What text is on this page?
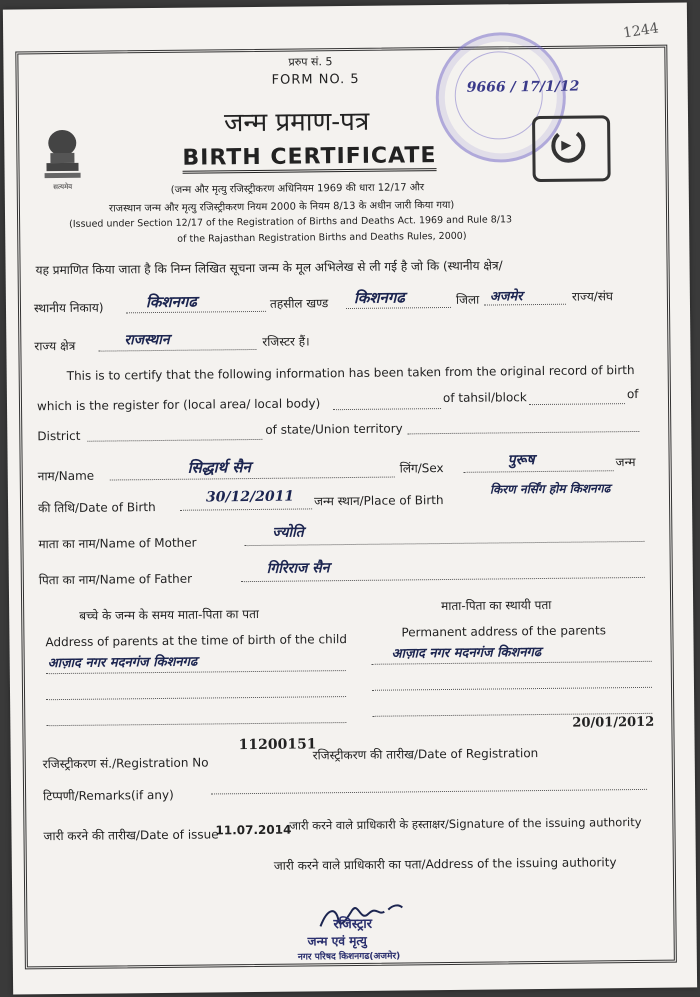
1244
9666 / 17/1/12
सत्यमेव
प्ररुप सं. 5
FORM NO. 5
जन्म प्रमाण-पत्र
BIRTH CERTIFICATE
(जन्म और मृत्यु रजिस्ट्रीकरण अधिनियम 1969 की धारा 12/17 और
राजस्थान जन्म और मृत्यु रजिस्ट्रीकरण नियम 2000 के नियम 8/13 के अधीन जारी किया गया)
(Issued under Section 12/17 of the Registration of Births and Deaths Act. 1969 and Rule 8/13
of the Rajasthan Registration Births and Deaths Rules, 2000)
यह प्रमाणित किया जाता है कि निम्न लिखित सूचना जन्म के मूल अभिलेख से ली गई है जो कि (स्थानीय क्षेत्र/
स्थानीय निकाय)	किशनगढ	तहसील खण्ड किशनगढ	जिला अजमेर	राज्य/संघ
राज्य क्षेत्र	राजस्थान	रजिस्टर हैं।
This is to certify that the following information has been taken from the original record of birth
which is the register for (local area/ local body)	of tahsil/block	of
District	of state/Union territory
नाम/Name	सिद्धार्थ सैन	लिंग/Sex	पुरूष	जन्म
की तिथि/Date of Birth
30/12/2011 जन्म स्थान/Place of Birth
किरण नर्सिंग होम किशनगढ
माता का नाम/Name of Mother
ज्योति
पिता का नाम/Name of Father
गिरिराज सैन
बच्चे के जन्म के समय माता-पिता का पता
माता-पिता का स्थायी पता
Address of parents at the time of birth of the child
Permanent address of the parents
आज़ाद नगर मदनगंज किशनगढ
आज़ाद नगर मदनगंज किशनगढ
रजिस्ट्रीकरण सं./Registration No
11200151
रजिस्ट्रीकरण की तारीख/Date of Registration
20/01/2012
टिप्पणी/Remarks(if any)
जारी करने की तारीख/Date of issue
11.07.2014
जारी करने वाले प्राधिकारी के हस्ताक्षर/Signature of the issuing authority
जारी करने वाले प्राधिकारी का पता/Address of the issuing authority
रजिस्ट्रार
जन्म एवं मृत्यु
नगर परिषद किशनगढ(अजमेर)
